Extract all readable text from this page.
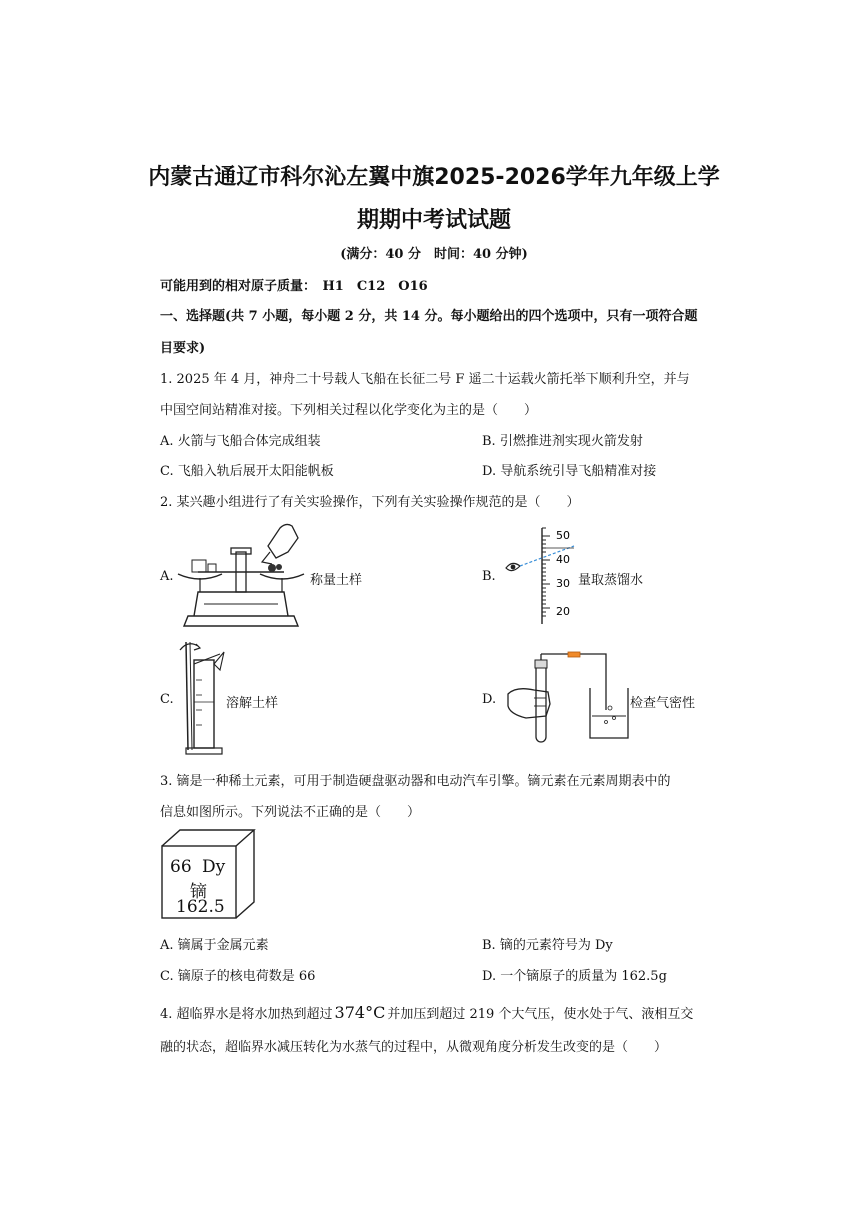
内蒙古通辽市科尔沁左翼中旗2025-2026学年九年级上学
期期中考试试题
(满分：40 分　时间：40 分钟)
可能用到的相对原子质量：　H1　C12　O16
一、选择题(共 7 小题，每小题 2 分，共 14 分。每小题给出的四个选项中，只有一项符合题
目要求)
1. 2025 年 4 月，神舟二十号载人飞船在长征二号 F 遥二十运载火箭托举下顺利升空，并与
中国空间站精准对接。下列相关过程以化学变化为主的是（　　）
A. 火箭与飞船合体完成组装	B. 引燃推进剂实现火箭发射
C. 飞船入轨后展开太阳能帆板	D. 导航系统引导飞船精准对接
2. 某兴趣小组进行了有关实验操作，下列有关实验操作规范的是（　　）
A.	称量土样	B.
50
40
30
20
量取蒸馏水
C.	溶解土样	D.	检查气密性
3. 镝是一种稀土元素，可用于制造硬盘驱动器和电动汽车引擎。镝元素在元素周期表中的
信息如图所示。下列说法不正确的是（　　）
66 Dy
镝
162.5
A. 镝属于金属元素	B. 镝的元素符号为 Dy
C. 镝原子的核电荷数是 66	D. 一个镝原子的质量为 162.5g
4. 超临界水是将水加热到超过 374°C 并加压到超过 219 个大气压，使水处于气、液相互交
融的状态，超临界水减压转化为水蒸气的过程中，从微观角度分析发生改变的是（　　）
